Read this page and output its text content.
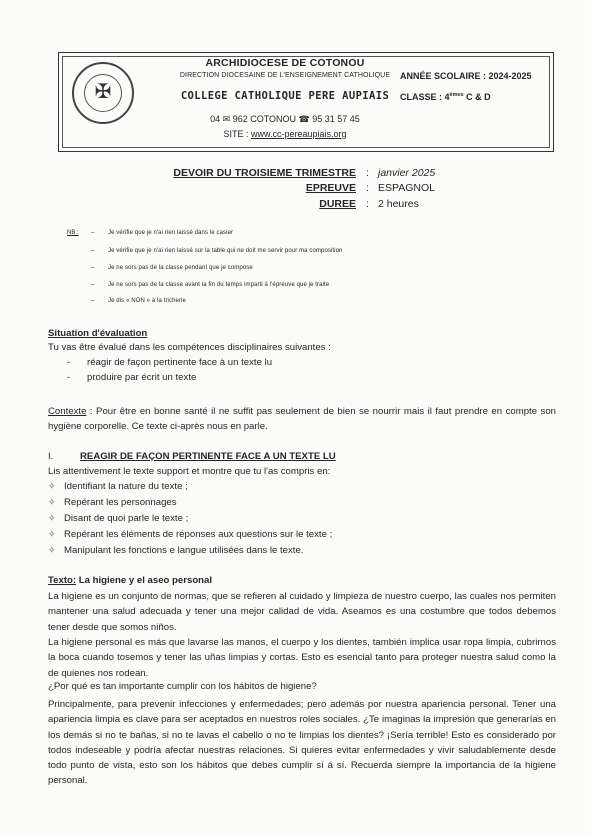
✠
ARCHIDIOCESE DE COTONOU
DIRECTION DIOCESAINE DE L'ENSEIGNEMENT CATHOLIQUE
COLLEGE CATHOLIQUE PERE AUPIAIS
04 ✉ 962 COTONOU ☎ 95 31 57 45
SITE : www.cc-pereaupiais.org
ANNÉE SCOLAIRE : 2024-2025
CLASSE : 4èmes C & D
DEVOIR DU TROISIEME TRIMESTRE : janvier 2025
EPREUVE : ESPAGNOL
DUREE : 2 heures
NB : – Je vérifie que je n'ai rien laissé dans le casier
– Je vérifie que je n'ai rien laissé sur la table qui ne doit me servir pour ma composition
– Je ne sors pas de la classe pendant que je compose
– Je ne sors pas de la classe avant la fin du temps imparti à l'épreuve que je traite
– Je dis « NON » à la tricherie
Situation d'évaluation
Tu vas être évalué dans les compétences disciplinaires suivantes :
- réagir de façon pertinente face à un texte lu
- produire par écrit un texte
Contexte : Pour être en bonne santé il ne suffit pas seulement de bien se nourrir mais il faut prendre en compte son hygiène corporelle. Ce texte ci-après nous en parle.
I.	REAGIR DE FAÇON PERTINENTE FACE A UN TEXTE LU
Lis attentivement le texte support et montre que tu l'as compris en:
✧ Identifiant la nature du texte ;
✧ Repérant les personnages
✧ Disant de quoi parle le texte ;
✧ Repérant les éléments de réponses aux questions sur le texte ;
✧ Manipulant les fonctions e langue utilisées dans le texte.
Texto: La higiene y el aseo personal
La higiene es un conjunto de normas, que se refieren al cuidado y limpieza de nuestro cuerpo, las cuales nos permiten mantener una salud adecuada y tener una mejor calidad de vida. Aseamos es una costumbre que todos debemos tener desde que somos niños.
La higiene personal es más que lavarse las manos, el cuerpo y los dientes, también implica usar ropa limpia, cubrirnos la boca cuando tosemos y tener las uñas limpias y cortas. Esto es esencial tanto para proteger nuestra salud como la de quienes nos rodean.
¿Por qué es tan importante cumplir con los hábitos de higiene?
Principalmente, para prevenir infecciones y enfermedades; pero además por nuestra apariencia personal. Tener una apariencia limpia es clave para ser aceptados en nuestros roles sociales. ¿Te imaginas la impresión que generarías en los demás si no te bañas, si no te lavas el cabello o no te limpias los dientes? ¡Sería terrible! Esto es considerado por todos indeseable y podría afectar nuestras relaciones. Si quieres evitar enfermedades y vivir saludablemente desde todo punto de vista, esto son los hábitos que debes cumplir sí á sí. Recuerda siempre la importancia de la higiene personal.
